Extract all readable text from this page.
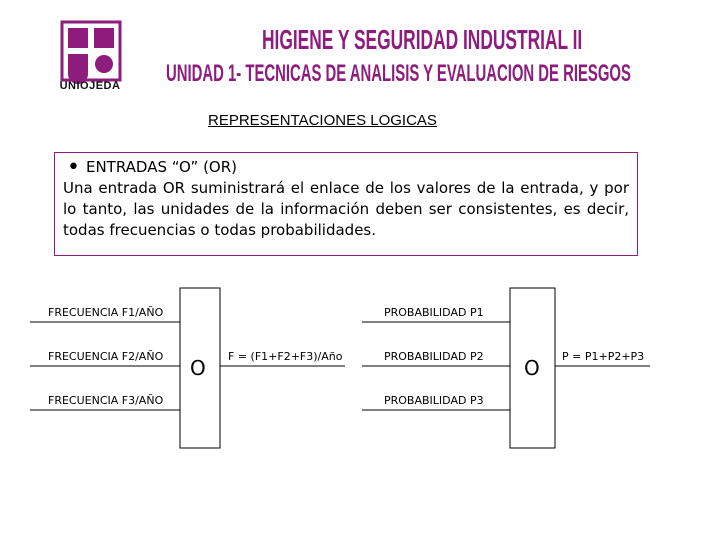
UNIOJEDA
HIGIENE Y SEGURIDAD INDUSTRIAL II
UNIDAD 1- TECNICAS DE ANALISIS Y EVALUACION DE RIESGOS
REPRESENTACIONES LOGICAS
• ENTRADAS “O” (OR)
Una entrada OR suministrará el enlace de los valores de la entrada, y por lo tanto, las unidades de la información deben ser consistentes, es decir, todas frecuencias o todas probabilidades.
FRECUENCIA F1/AÑO
FRECUENCIA F2/AÑO
FRECUENCIA F3/AÑO
O F = (F1+F2+F3)/Año
PROBABILIDAD P1
PROBABILIDAD P2
PROBABILIDAD P3
O P = P1+P2+P3
